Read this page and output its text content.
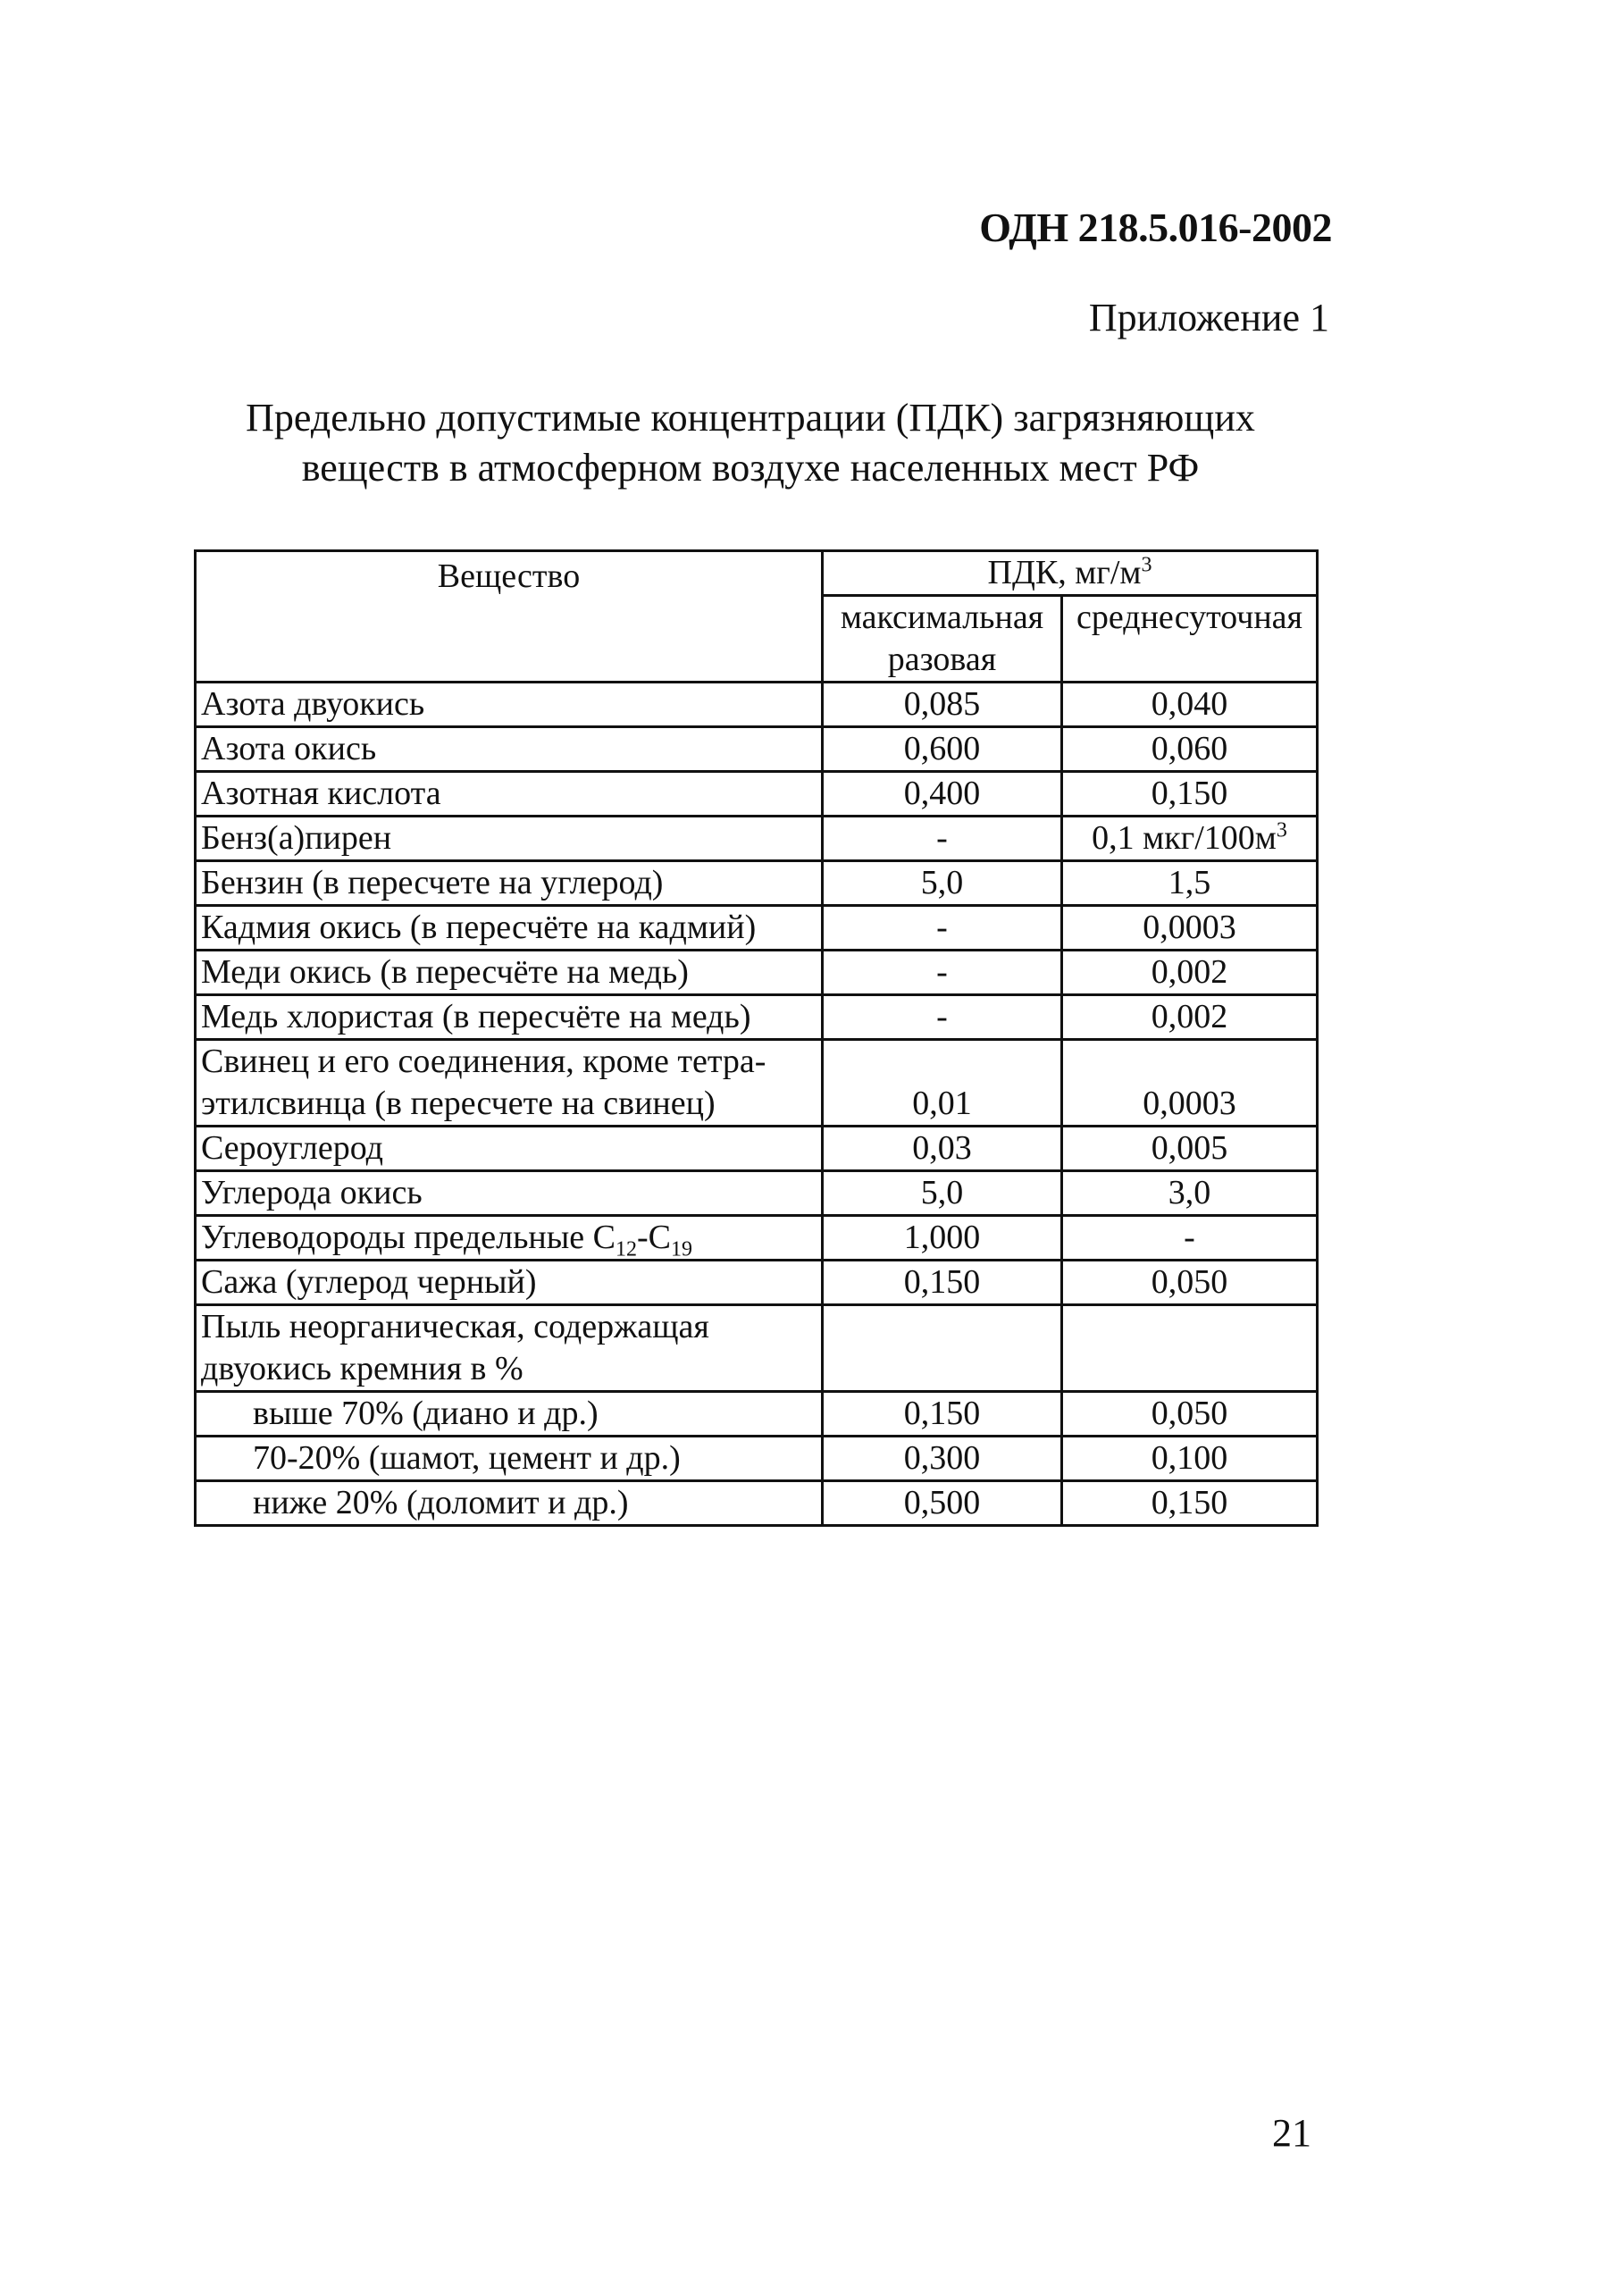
ОДН 218.5.016-2002
Приложение 1
Предельно допустимые концентрации (ПДК) загрязняющих
веществ в атмосферном воздухе населенных мест РФ
Вещество	ПДК, $мг/м^3$
	максимальная разовая	среднесуточная
Азота двуокись	0,085	0,040
Азота окись	0,600	0,060
Азотная кислота	0,400	0,150
Бенз(а)пирен	-	0,1 мкг/$100м^3$
Бензин (в пересчете на углерод)	5,0	1,5
Кадмия окись (в пересчёте на кадмий)	-	0,0003
Меди окись (в пересчёте на медь)	-	0,002
Медь хлористая (в пересчёте на медь)	-	0,002

Свинец и его соединения, кроме тетра-
этилсвинца (в пересчете на свинец)	0,01	0,0003
Сероуглерод	0,03	0,005
Углерода окись	5,0	3,0
Углеводороды предельные $С_{12}-С_{19}$	1,000	-
Сажа (углерод черный)	0,150	0,050

Пыль неорганическая, содержащая
двуокись кремния в %		

выше 70% (диано и др.)	0,150	0,050
70-20% (шамот, цемент и др.)	0,300	0,100
ниже 20% (доломит и др.)	0,500	0,150
21
